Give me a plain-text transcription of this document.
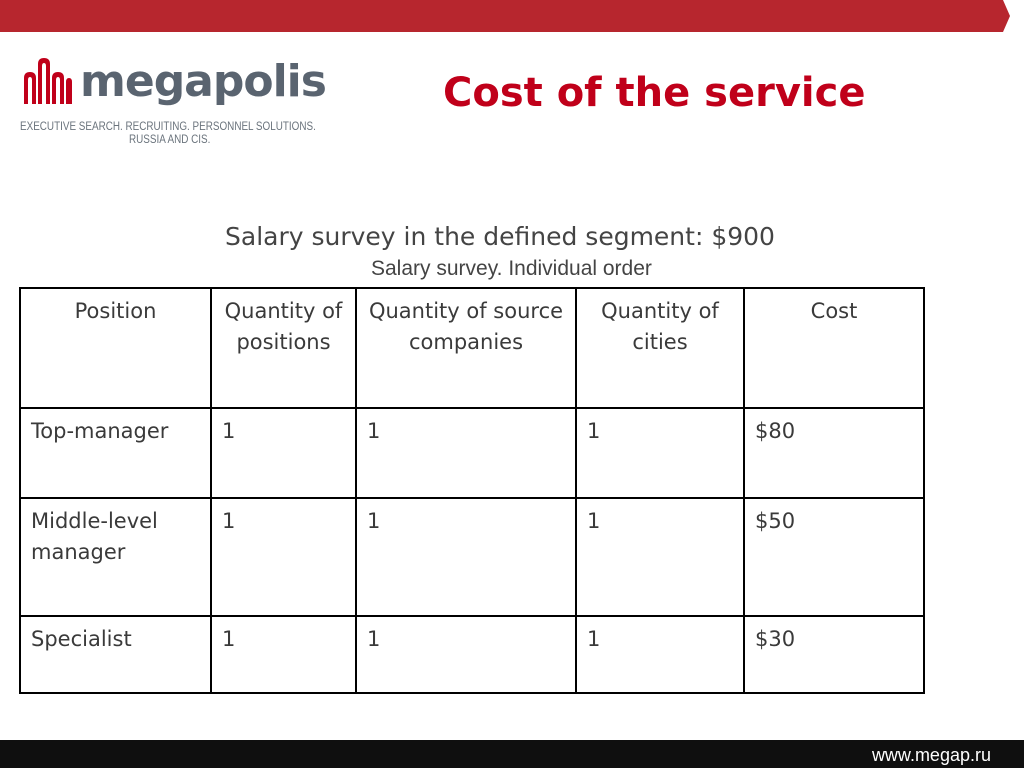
megapolis
EXECUTIVE SEARCH. RECRUITING. PERSONNEL SOLUTIONS.
RUSSIA AND CIS.
Cost of the service
Salary survey in the defined segment: $900
Salary survey. Individual order
Position	Quantity of positions	Quantity of source companies	Quantity of cities	Cost
Top-manager	1	1	1	$80
Middle-level manager	1	1	1	$50
Specialist	1	1	1	$30
www.megap.ru
